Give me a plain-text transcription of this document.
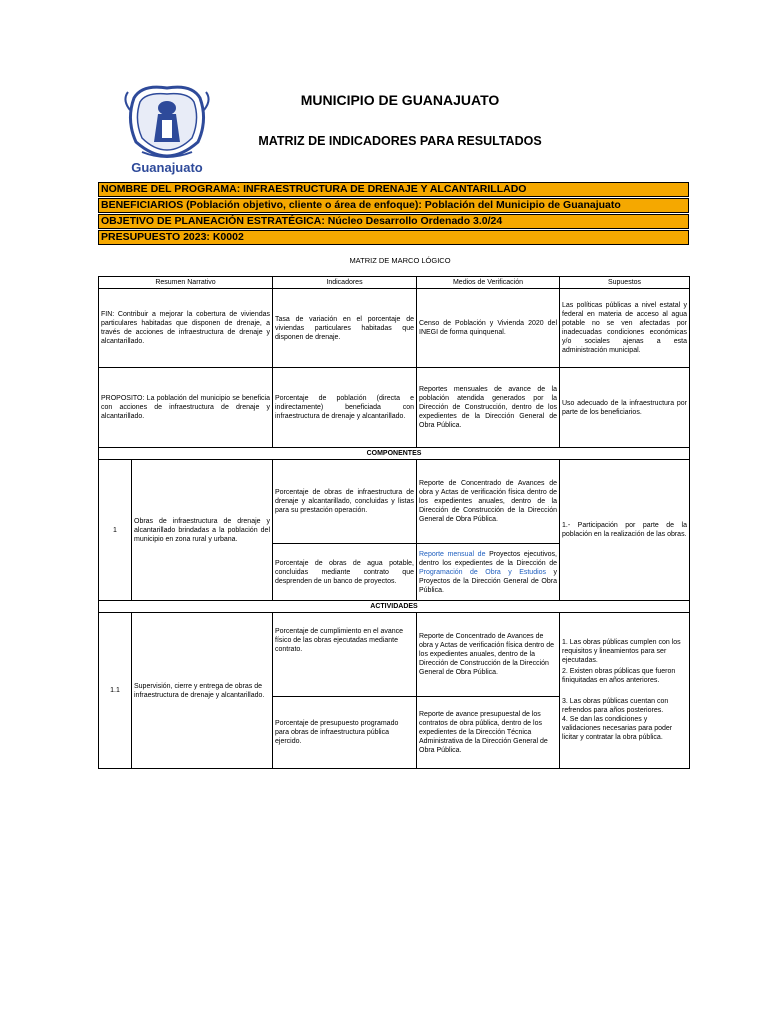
Guanajuato
MUNICIPIO DE GUANAJUATO
MATRIZ DE INDICADORES PARA RESULTADOS
NOMBRE DEL PROGRAMA: INFRAESTRUCTURA DE DRENAJE Y ALCANTARILLADO
BENEFICIARIOS (Población objetivo, cliente o área de enfoque): Población del Municipio de Guanajuato
OBJETIVO DE PLANEACIÓN ESTRATÉGICA: Núcleo Desarrollo Ordenado 3.0/24
PRESUPUESTO 2023: K0002
MATRIZ DE MARCO LÓGICO
Resumen Narrativo		Indicadores	Medios de Verificación	Supuestos
FIN: Contribuir a mejorar la cobertura de viviendas particulares habitadas que disponen de drenaje, a través de acciones de infraestructura de drenaje y alcantarillado.		Tasa de variación en el porcentaje de viviendas particulares habitadas que disponen de drenaje.	Censo de Población y Vivienda 2020 del INEGI de forma quinquenal.	Las políticas públicas a nivel estatal y federal en materia de acceso al agua potable no se ven afectadas por inadecuadas condiciones económicas y/o sociales ajenas a esta administración municipal.
PROPOSITO: La población del municipio se beneficia con acciones de infraestructura de drenaje y alcantarillado.		Porcentaje de población (directa e indirectamente) beneficiada con infraestructura de drenaje y alcantarillado.	Reportes mensuales de avance de la población atendida generados por la Dirección de Construcción, dentro de los expedientes de la Dirección General de Obra Pública.	Uso adecuado de la infraestructura por parte de los beneficiarios.
COMPONENTES				
1	Obras de infraestructura de drenaje y alcantarillado brindadas a la población del municipio en zona rural y urbana.	Porcentaje de obras de infraestructura de drenaje y alcantarillado, concluidas y listas para su prestación operación.	Reporte de Concentrado de Avances de obra y Actas de verificación física dentro de los expedientes anuales, dentro de la Dirección de Construcción de la Dirección General de Obra Pública.	1.- Participación por parte de la población en la realización de las obras.
		Porcentaje de obras de agua potable, concluidas mediante contrato que desprenden de un banco de proyectos.	Reporte mensual de Proyectos ejecutivos, dentro los expedientes de la Dirección de Programación de Obra y Estudios y Proyectos de la Dirección General de Obra Pública.	
ACTIVIDADES				
1.1	Supervisión, cierre y entrega de obras de infraestructura de drenaje y alcantarillado.	Porcentaje de cumplimiento en el avance físico de las obras ejecutadas mediante contrato.	Reporte de Concentrado de Avances de obra y Actas de verificación física dentro de los expedientes anuales, dentro de la Dirección de Construcción de la Dirección General de Obra Pública.	1. Las obras públicas cumplen con los requisitos y lineamientos para ser ejecutadas.

2. Existen obras públicas que fueron finiquitadas en años anteriores.

3. Las obras públicas cuentan con refrendos para años posteriores.

4. Se dan las condiciones y validaciones necesarias para poder licitar y contratar la obra pública.

		Porcentaje de presupuesto programado para obras de infraestructura pública ejercido.	Reporte de avance presupuestal de los contratos de obra pública, dentro de los expedientes de la Dirección Técnica Administrativa de la Dirección General de Obra Pública.	
